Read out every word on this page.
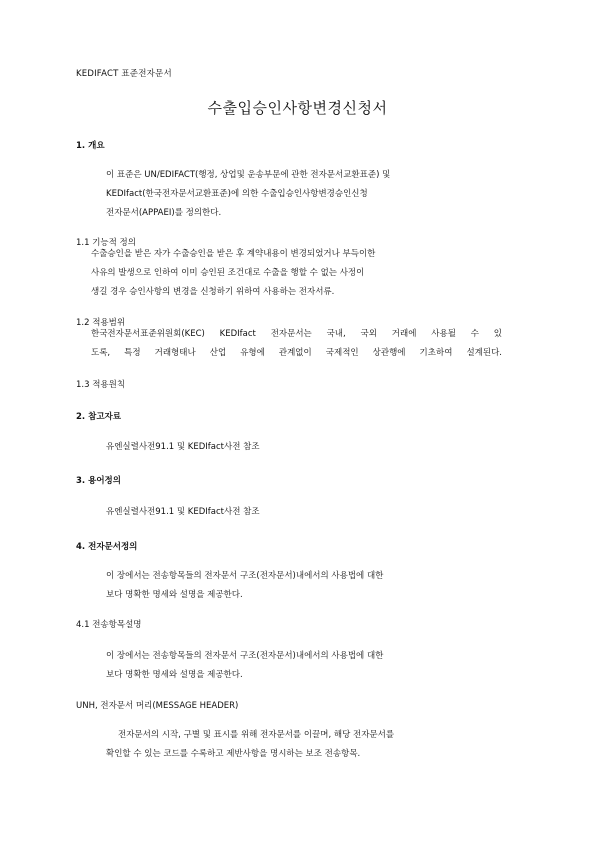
KEDIFACT 표준전자문서
수출입승인사항변경신청서
1. 개요
이 표준은 UN/EDIFACT(행정, 상업및 운송부문에 관한 전자문서교환표준) 및
KEDIfact(한국전자문서교환표준)에 의한 수출입승인사항변경승인신청
전자문서(APPAEI)를 정의한다.
1.1 기능적 정의
수출승인을 받은 자가 수출승인을 받은 후 계약내용이 변경되었거나 부득이한
사유의 발생으로 인하여 이미 승인된 조건대로 수출을 행할 수 없는 사정이
생길 경우 승인사항의 변경을 신청하기 위하여 사용하는 전자서류.
1.2 적용범위
한국전자문서표준위원회(KEC) KEDIfact 전자문서는 국내, 국외 거래에 사용될 수 있
도록, 특정 거래형태나 산업 유형에 관계없이 국제적인 상관행에 기초하여 설계된다.
1.3 적용원칙
2. 참고자료
유엔실렬사전91.1 및 KEDIfact사전 참조
3. 용어정의
유엔실렬사전91.1 및 KEDIfact사전 참조
4. 전자문서정의
이 장에서는 전송항목들의 전자문서 구조(전자문서)내에서의 사용법에 대한
보다 명확한 명세와 설명을 제공한다.
4.1 전송항목설명
이 장에서는 전송항목들의 전자문서 구조(전자문서)내에서의 사용법에 대한
보다 명확한 명세와 설명을 제공한다.
UNH, 전자문서 머리(MESSAGE HEADER)
전자문서의 시작, 구별 및 표시를 위해 전자문서를 이끌며, 해당 전자문서를
확인할 수 있는 코드를 수록하고 제반사항을 명시하는 보조 전송항목.
